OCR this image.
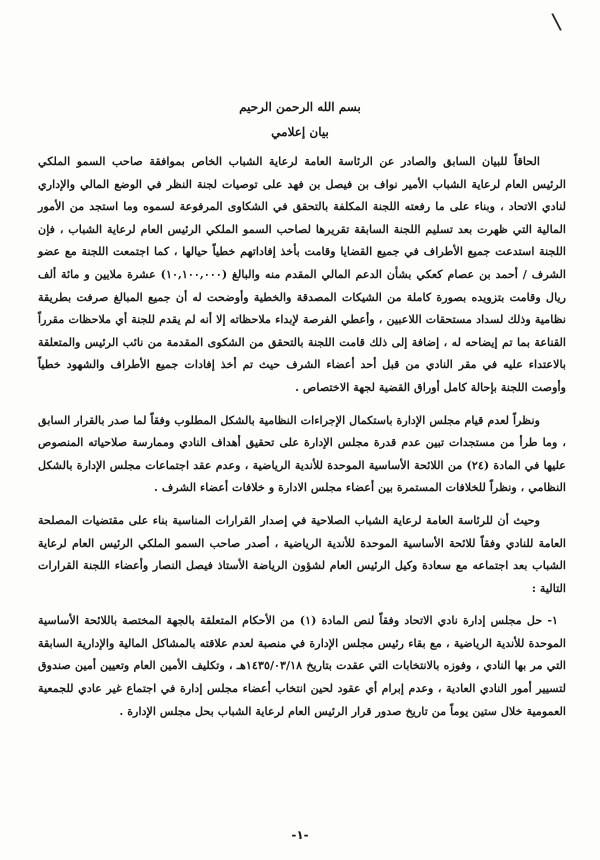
\
بسم الله الرحمن الرحيم
بيان إعلامي

الحاقاً للبيان السابق والصادر عن الرئاسة العامة لرعاية الشباب الخاص بموافقة صاحب السمو الملكي الرئيس العام لرعاية الشباب الأمير نواف بن فيصل بن فهد على توصيات لجنة النظر في الوضع المالي والإداري لنادي الاتحاد ، وبناء على ما رفعته اللجنة المكلفة بالتحقق في الشكاوى المرفوعة لسموه وما استجد من الأمور المالية التي ظهرت بعد تسليم اللجنة السابقة تقريرها لصاحب السمو الملكي الرئيس العام لرعاية الشباب ، فإن اللجنة استدعت جميع الأطراف في جميع القضايا وقامت بأخذ إفاداتهم خطياً حيالها ، كما اجتمعت اللجنة مع عضو الشرف / أحمد بن عصام كعكي بشأن الدعم المالي المقدم منه والبالغ (١٠,١٠٠,٠٠٠) عشرة ملايين و مائة ألف ريال وقامت بتزويده بصورة كاملة من الشيكات المصدقة والخطية وأوضحت له أن جميع المبالغ صرفت بطريقة نظامية وذلك لسداد مستحقات اللاعبين ، وأعطي الفرصة لإبداء ملاحظاته إلا أنه لم يقدم للجنة أي ملاحظات مقرراً القناعة بما تم إيضاحه له ، إضافة إلى ذلك قامت اللجنة بالتحقق من الشكوى المقدمة من نائب الرئيس والمتعلقة بالاعتداء عليه في مقر النادي من قبل أحد أعضاء الشرف حيث تم أخذ إفادات جميع الأطراف والشهود خطياً وأوصت اللجنة بإحالة كامل أوراق القضية لجهة الاختصاص .

ونظراً لعدم قيام مجلس الإدارة باستكمال الإجراءات النظامية بالشكل المطلوب وفقاً لما صدر بالقرار السابق ، وما طرأ من مستجدات تبين عدم قدرة مجلس الإدارة على تحقيق أهداف النادي وممارسة صلاحياته المنصوص عليها في المادة (٢٤) من اللائحة الأساسية الموحدة للأندية الرياضية ، وعدم عقد اجتماعات مجلس الإدارة بالشكل النظامي ، ونظراً للخلافات المستمرة بين أعضاء مجلس الادارة و خلافات أعضاء الشرف .

وحيث أن للرئاسة العامة لرعاية الشباب الصلاحية في إصدار القرارات المناسبة بناء على مقتضيات المصلحة العامة للنادي وفقاً للائحة الأساسية الموحدة للأندية الرياضية ، أصدر صاحب السمو الملكي الرئيس العام لرعاية الشباب بعد اجتماعه مع سعادة وكيل الرئيس العام لشؤون الرياضة الأستاذ فيصل النصار وأعضاء اللجنة القرارات التالية :

١- حل مجلس إدارة نادي الاتحاد وفقاً لنص المادة (١) من الأحكام المتعلقة بالجهة المختصة باللائحة الأساسية الموحدة للأندية الرياضية ، مع بقاء رئيس مجلس الإدارة في منصبة لعدم علاقته بالمشاكل المالية والإدارية السابقة التي مر بها النادي ، وفوزه بالانتخابات التي عقدت بتاريخ ١٤٣٥/٠٣/١٨هـ ، وتكليف الأمين العام وتعيين أمين صندوق لتسيير أمور النادي العادية ، وعدم إبرام أي عقود لحين انتخاب أعضاء مجلس إدارة في اجتماع غير عادي للجمعية العمومية خلال ستين يوماً من تاريخ صدور قرار الرئيس العام لرعاية الشباب بحل مجلس الإدارة .

-١-
